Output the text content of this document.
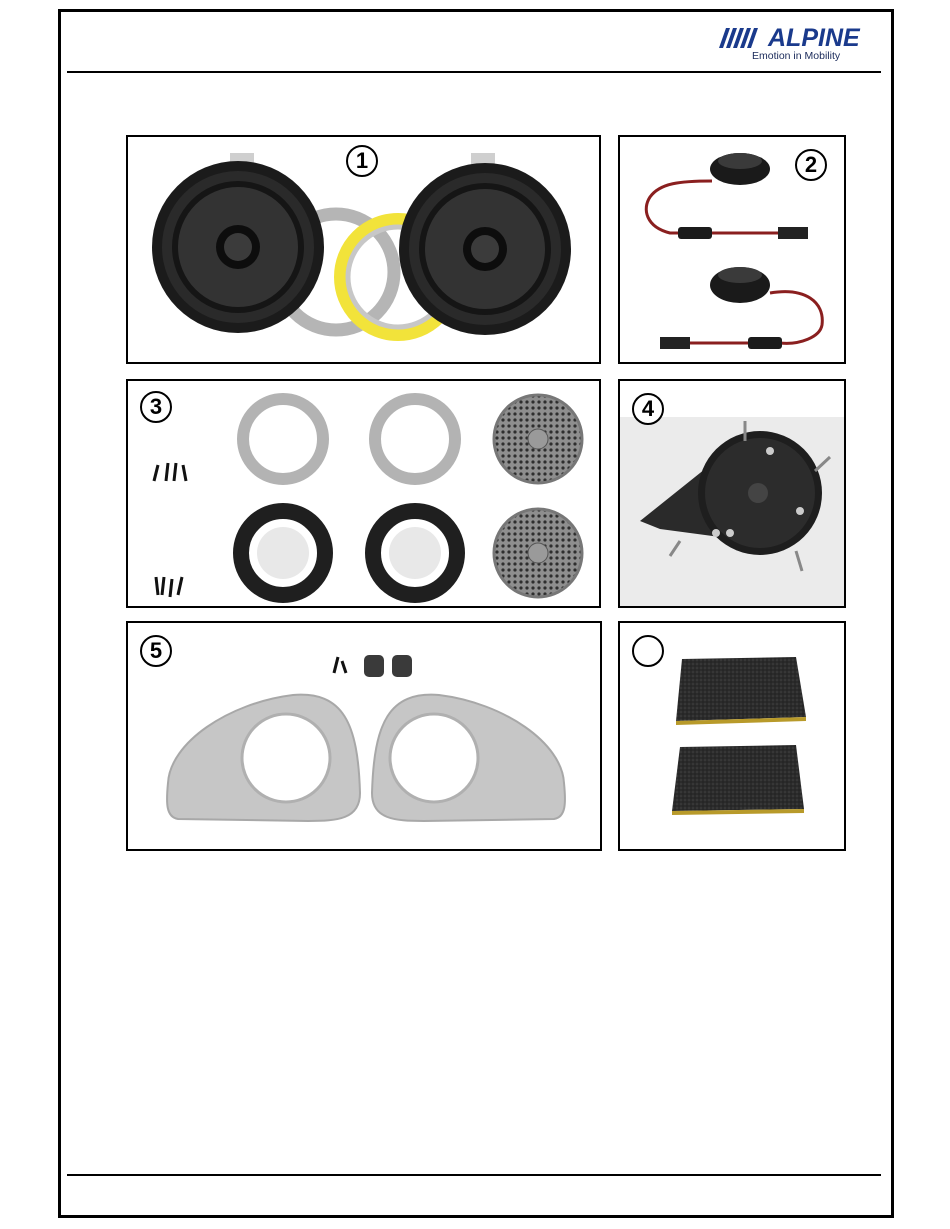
ALPINE
Emotion in Mobility
1	2
3	4
5
